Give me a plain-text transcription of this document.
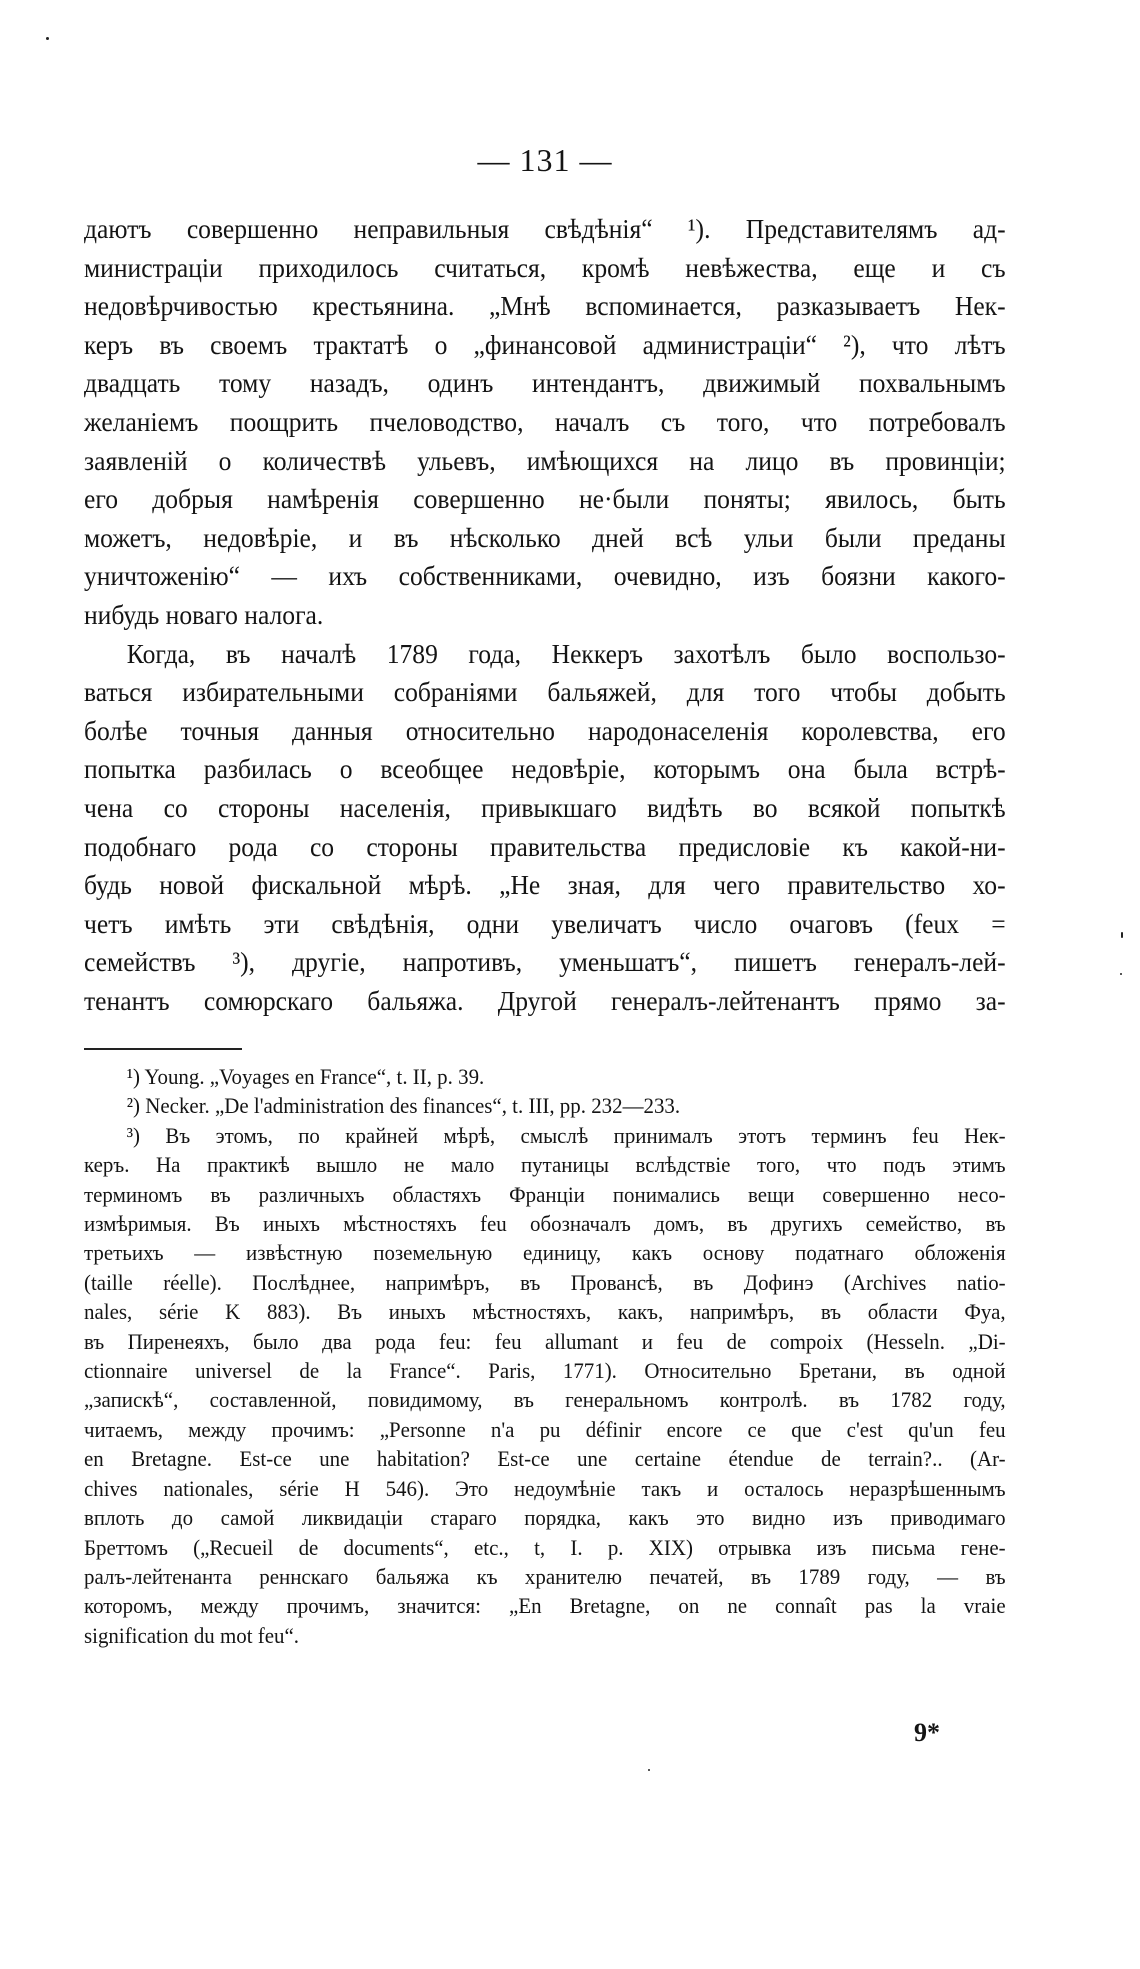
— 131 —

даютъ совершенно неправильныя свѣдѣнія“ ¹). Представителямъ ад-
министраціи приходилось считаться, кромѣ невѣжества, еще и съ
недовѣрчивостью крестьянина. „Мнѣ вспоминается, разказываетъ Нек-
керъ въ своемъ трактатѣ о „финансовой администраціи“ ²), что лѣтъ
двадцать тому назадъ, одинъ интендантъ, движимый похвальнымъ
желаніемъ поощрить пчеловодство, началъ съ того, что потребовалъ
заявленій о количествѣ ульевъ, имѣющихся на лицо въ провинціи;
его добрыя намѣренія совершенно не·были поняты; явилось, быть
можетъ, недовѣріе, и въ нѣсколько дней всѣ ульи были преданы
уничтоженію“ — ихъ собственниками, очевидно, изъ боязни какого-
нибудь новаго налога.

Когда, въ началѣ 1789 года, Неккеръ захотѣлъ было воспользо-
ваться избирательными собраніями бальяжей, для того чтобы добыть
болѣе точныя данныя относительно народонаселенія королевства, его
попытка разбилась о всеобщее недовѣріе, которымъ она была встрѣ-
чена со стороны населенія, привыкшаго видѣть во всякой попыткѣ
подобнаго рода со стороны правительства предисловіе къ какой-ни-
будь новой фискальной мѣрѣ. „Не зная, для чего правительство хо-
четъ имѣть эти свѣдѣнія, одни увеличатъ число очаговъ (feux =
семействъ ³), другіе, напротивъ, уменьшатъ“, пишетъ генералъ-лей-
тенантъ сомюрскаго бальяжа. Другой генералъ-лейтенантъ прямо за-

¹) Young. „Voyages en France“, t. II, p. 39.
²) Necker. „De l'administration des finances“, t. III, pp. 232—233.
³) Въ этомъ, по крайней мѣрѣ, смыслѣ принималъ этотъ терминъ feu Нек-
керъ. На практикѣ вышло не мало путаницы вслѣдствіе того, что подъ этимъ
терминомъ въ различныхъ областяхъ Франціи понимались вещи совершенно несо-
измѣримыя. Въ иныхъ мѣстностяхъ feu обозначалъ домъ, въ другихъ семейство, въ
третьихъ — извѣстную поземельную единицу, какъ основу податнаго обложенія
(taille réelle). Послѣднее, напримѣръ, въ Провансѣ, въ Дофинэ (Archives natio-
nales, série K 883). Въ иныхъ мѣстностяхъ, какъ, напримѣръ, въ области Фуа,
въ Пиренеяхъ, было два рода feu: feu allumant и feu de compoix (Hesseln. „Di-
ctionnaire universel de la France“. Paris, 1771). Относительно Бретани, въ одной
„запискѣ“, составленной, повидимому, въ генеральномъ контролѣ. въ 1782 году,
читаемъ, между прочимъ: „Personne n'a pu définir encore ce que c'est qu'un feu
en Bretagne. Est-ce une habitation? Est-ce une certaine étendue de terrain?.. (Ar-
chives nationales, série H 546). Это недоумѣніе такъ и осталось неразрѣшеннымъ
вплоть до самой ликвидаціи стараго порядка, какъ это видно изъ приводимаго
Бреттомъ („Recueil de documents“, etc., t, I. p. XIX) отрывка изъ письма гене-
ралъ-лейтенанта реннскаго бальяжа къ хранителю печатей, въ 1789 году, — въ
которомъ, между прочимъ, значится: „En Bretagne, on ne connaît pas la vraie
signification du mot feu“.
9*
